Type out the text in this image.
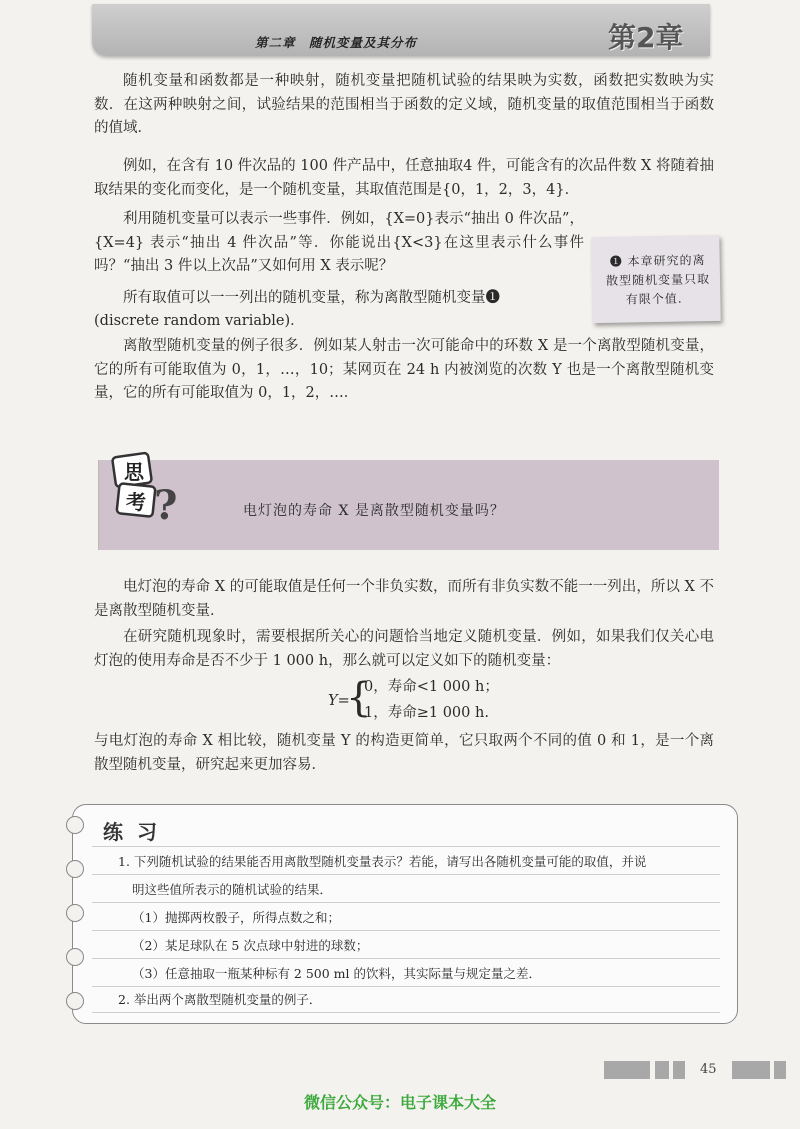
第二章　随机变量及其分布	第2章

随机变量和函数都是一种映射，随机变量把随机试验的结果映为实数，函数把实数映为实数．在这两种映射之间，试验结果的范围相当于函数的定义域，随机变量的取值范围相当于函数的值域．

例如，在含有 10 件次品的 100 件产品中，任意抽取4 件，可能含有的次品件数 X 将随着抽取结果的变化而变化，是一个随机变量，其取值范围是{0，1，2，3，4}．

利用随机变量可以表示一些事件．例如，{X=0}表示“抽出 0 件次品”，{X=4} 表示“抽出 4 件次品”等．你能说出{X<3}在这里表示什么事件吗？“抽出 3 件以上次品”又如何用 X 表示呢？

所有取值可以一一列出的随机变量，称为离散型随机变量❶

(discrete random variable)．

离散型随机变量的例子很多．例如某人射击一次可能命中的环数 X 是一个离散型随机变量，它的所有可能取值为 0，1，…，10；某网页在 24 h 内被浏览的次数 Y 也是一个离散型随机变量，它的所有可能取值为 0，1，2，…．

❶ 本章研究的离散型随机变量只取有限个值．
思
考 ?	电灯泡的寿命 X 是离散型随机变量吗？

电灯泡的寿命 X 的可能取值是任何一个非负实数，而所有非负实数不能一一列出，所以 X 不是离散型随机变量．

在研究随机现象时，需要根据所关心的问题恰当地定义随机变量．例如，如果我们仅关心电灯泡的使用寿命是否不少于 1 000 h，那么就可以定义如下的随机变量：

Y=
{
0，寿命<1 000 h；
1，寿命≥1 000 h.

与电灯泡的寿命 X 相比较，随机变量 Y 的构造更简单，它只取两个不同的值 0 和 1，是一个离散型随机变量，研究起来更加容易．

练习
1. 下列随机试验的结果能否用离散型随机变量表示？若能，请写出各随机变量可能的取值，并说
明这些值所表示的随机试验的结果．
（1）抛掷两枚骰子，所得点数之和；
（2）某足球队在 5 次点球中射进的球数；
（3）任意抽取一瓶某种标有 2 500 ml 的饮料，其实际量与规定量之差．
2. 举出两个离散型随机变量的例子．
45
微信公众号：电子课本大全
